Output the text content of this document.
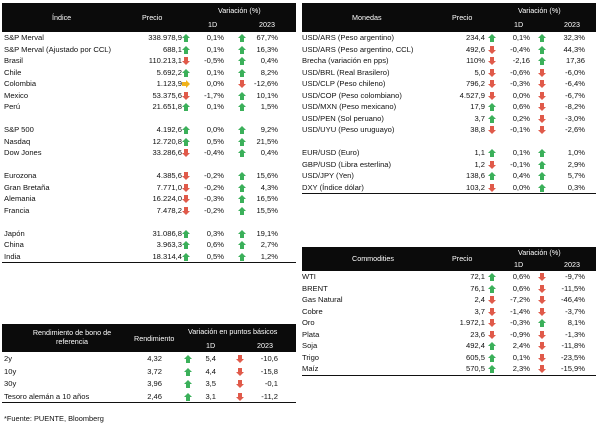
Índice	Precio
Variación (%)
1D	2023
S&P Merval	338.978,9	0,1%	67,7%
S&P Merval (Ajustado por CCL)	688,1	0,1%	16,3%
Brasil	110.213,1	-0,5%	0,4%
Chile	5.692,2	0,1%	8,2%
Colombia	1.123,9	0,0%	-12,6%
Mexico	53.375,6	-1,7%	10,1%
Perú	21.651,8	0,1%	1,5%
S&P 500	4.192,6	0,0%	9,2%
Nasdaq	12.720,8	0,5%	21,5%
Dow Jones	33.286,6	-0,4%	0,4%
Eurozona	4.385,6	-0,2%	15,6%
Gran Bretaña	7.771,0	-0,2%	4,3%
Alemania	16.224,0	-0,3%	16,5%
Francia	7.478,2	-0,2%	15,5%
Japón	31.086,8	0,3%	19,1%
China	3.963,3	0,6%	2,7%
India	18.314,4	0,5%	1,2%
Monedas	Precio
Variación (%)
1D	2023
USD/ARS (Peso argentino)	234,4	0,1%	32,3%
USD/ARS (Peso argentino, CCL)	492,6	-0,4%	44,3%
Brecha (variación en pps)	110%	-2,16	17,36
USD/BRL (Real Brasilero)	5,0	-0,6%	-6,0%
USD/CLP (Peso chileno)	796,2	-0,3%	-6,4%
USD/COP (Peso colombiano)	4.527,9	0,0%	-6,7%
USD/MXN (Peso mexicano)	17,9	0,6%	-8,2%
USD/PEN (Sol peruano)	3,7	0,2%	-3,0%
USD/UYU (Peso uruguayo)	38,8	-0,1%	-2,6%
EUR/USD (Euro)	1,1	0,1%	1,0%
GBP/USD (Libra esterlina)	1,2	-0,1%	2,9%
USD/JPY (Yen)	138,6	0,4%	5,7%
DXY (Índice dólar)	103,2	0,0%	0,3%
Commodities	Precio
Variación (%)
1D	2023
WTI	72,1	0,6%	-9,7%
BRENT	76,1	0,6%	-11,5%
Gas Natural	2,4	-7,2%	-46,4%
Cobre	3,7	-1,4%	-3,7%
Oro	1.972,1	-0,3%	8,1%
Plata	23,6	-0,9%	-1,3%
Soja	492,4	2,4%	-11,8%
Trigo	605,5	0,1%	-23,5%
Maíz	570,5	2,3%	-15,9%
Rendimiento de bono de referencia	Rendimiento
Variación en puntos básicos
1D	2023
2y	4,32	5,4	-10,6
10y	3,72	4,4	-15,8
30y	3,96	3,5	-0,1
Tesoro alemán a 10 años	2,46	3,1	-11,2
*Fuente: PUENTE, Bloomberg
